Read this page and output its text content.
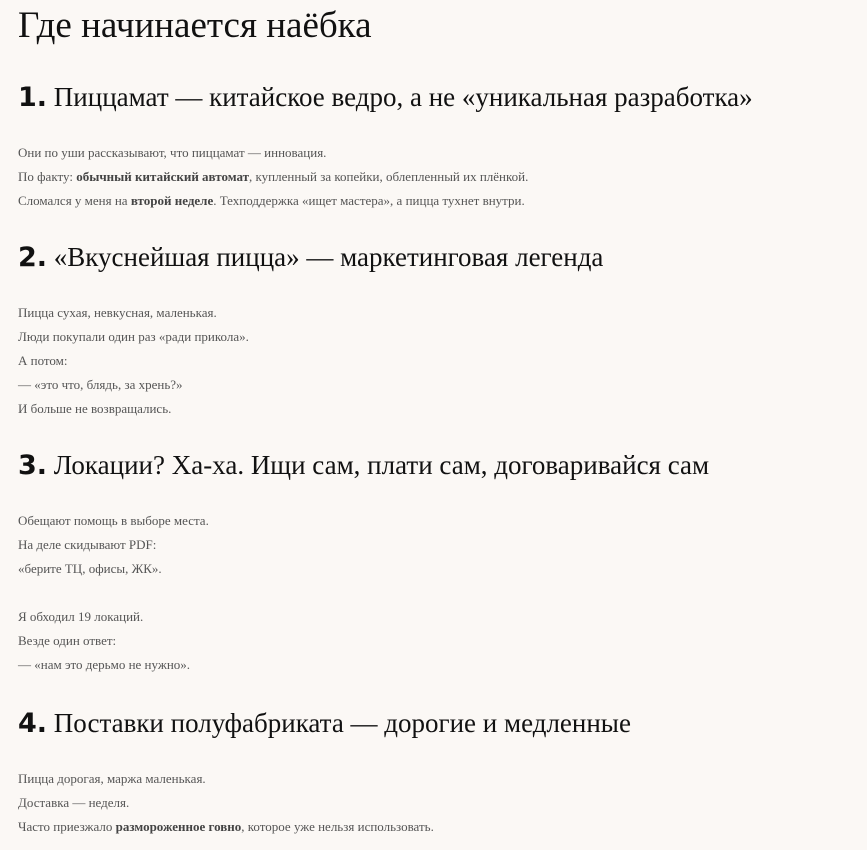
Где начинается наёбка
1. Пиццамат — китайское ведро, а не «уникальная разработка»
Они по уши рассказывают, что пиццамат — инновация.
По факту: обычный китайский автомат, купленный за копейки, облепленный их плёнкой.
Сломался у меня на второй неделе. Техподдержка «ищет мастера», а пицца тухнет внутри.
2. «Вкуснейшая пицца» — маркетинговая легенда
Пицца сухая, невкусная, маленькая.
Люди покупали один раз «ради прикола».
А потом:
— «это что, блядь, за хрень?»
И больше не возвращались.
3. Локации? Ха-ха. Ищи сам, плати сам, договаривайся сам
Обещают помощь в выборе места.
На деле скидывают PDF:
«берите ТЦ, офисы, ЖК».
Я обходил 19 локаций.
Везде один ответ:
— «нам это дерьмо не нужно».
4. Поставки полуфабриката — дорогие и медленные
Пицца дорогая, маржа маленькая.
Доставка — неделя.
Часто приезжало размороженное говно, которое уже нельзя использовать.
